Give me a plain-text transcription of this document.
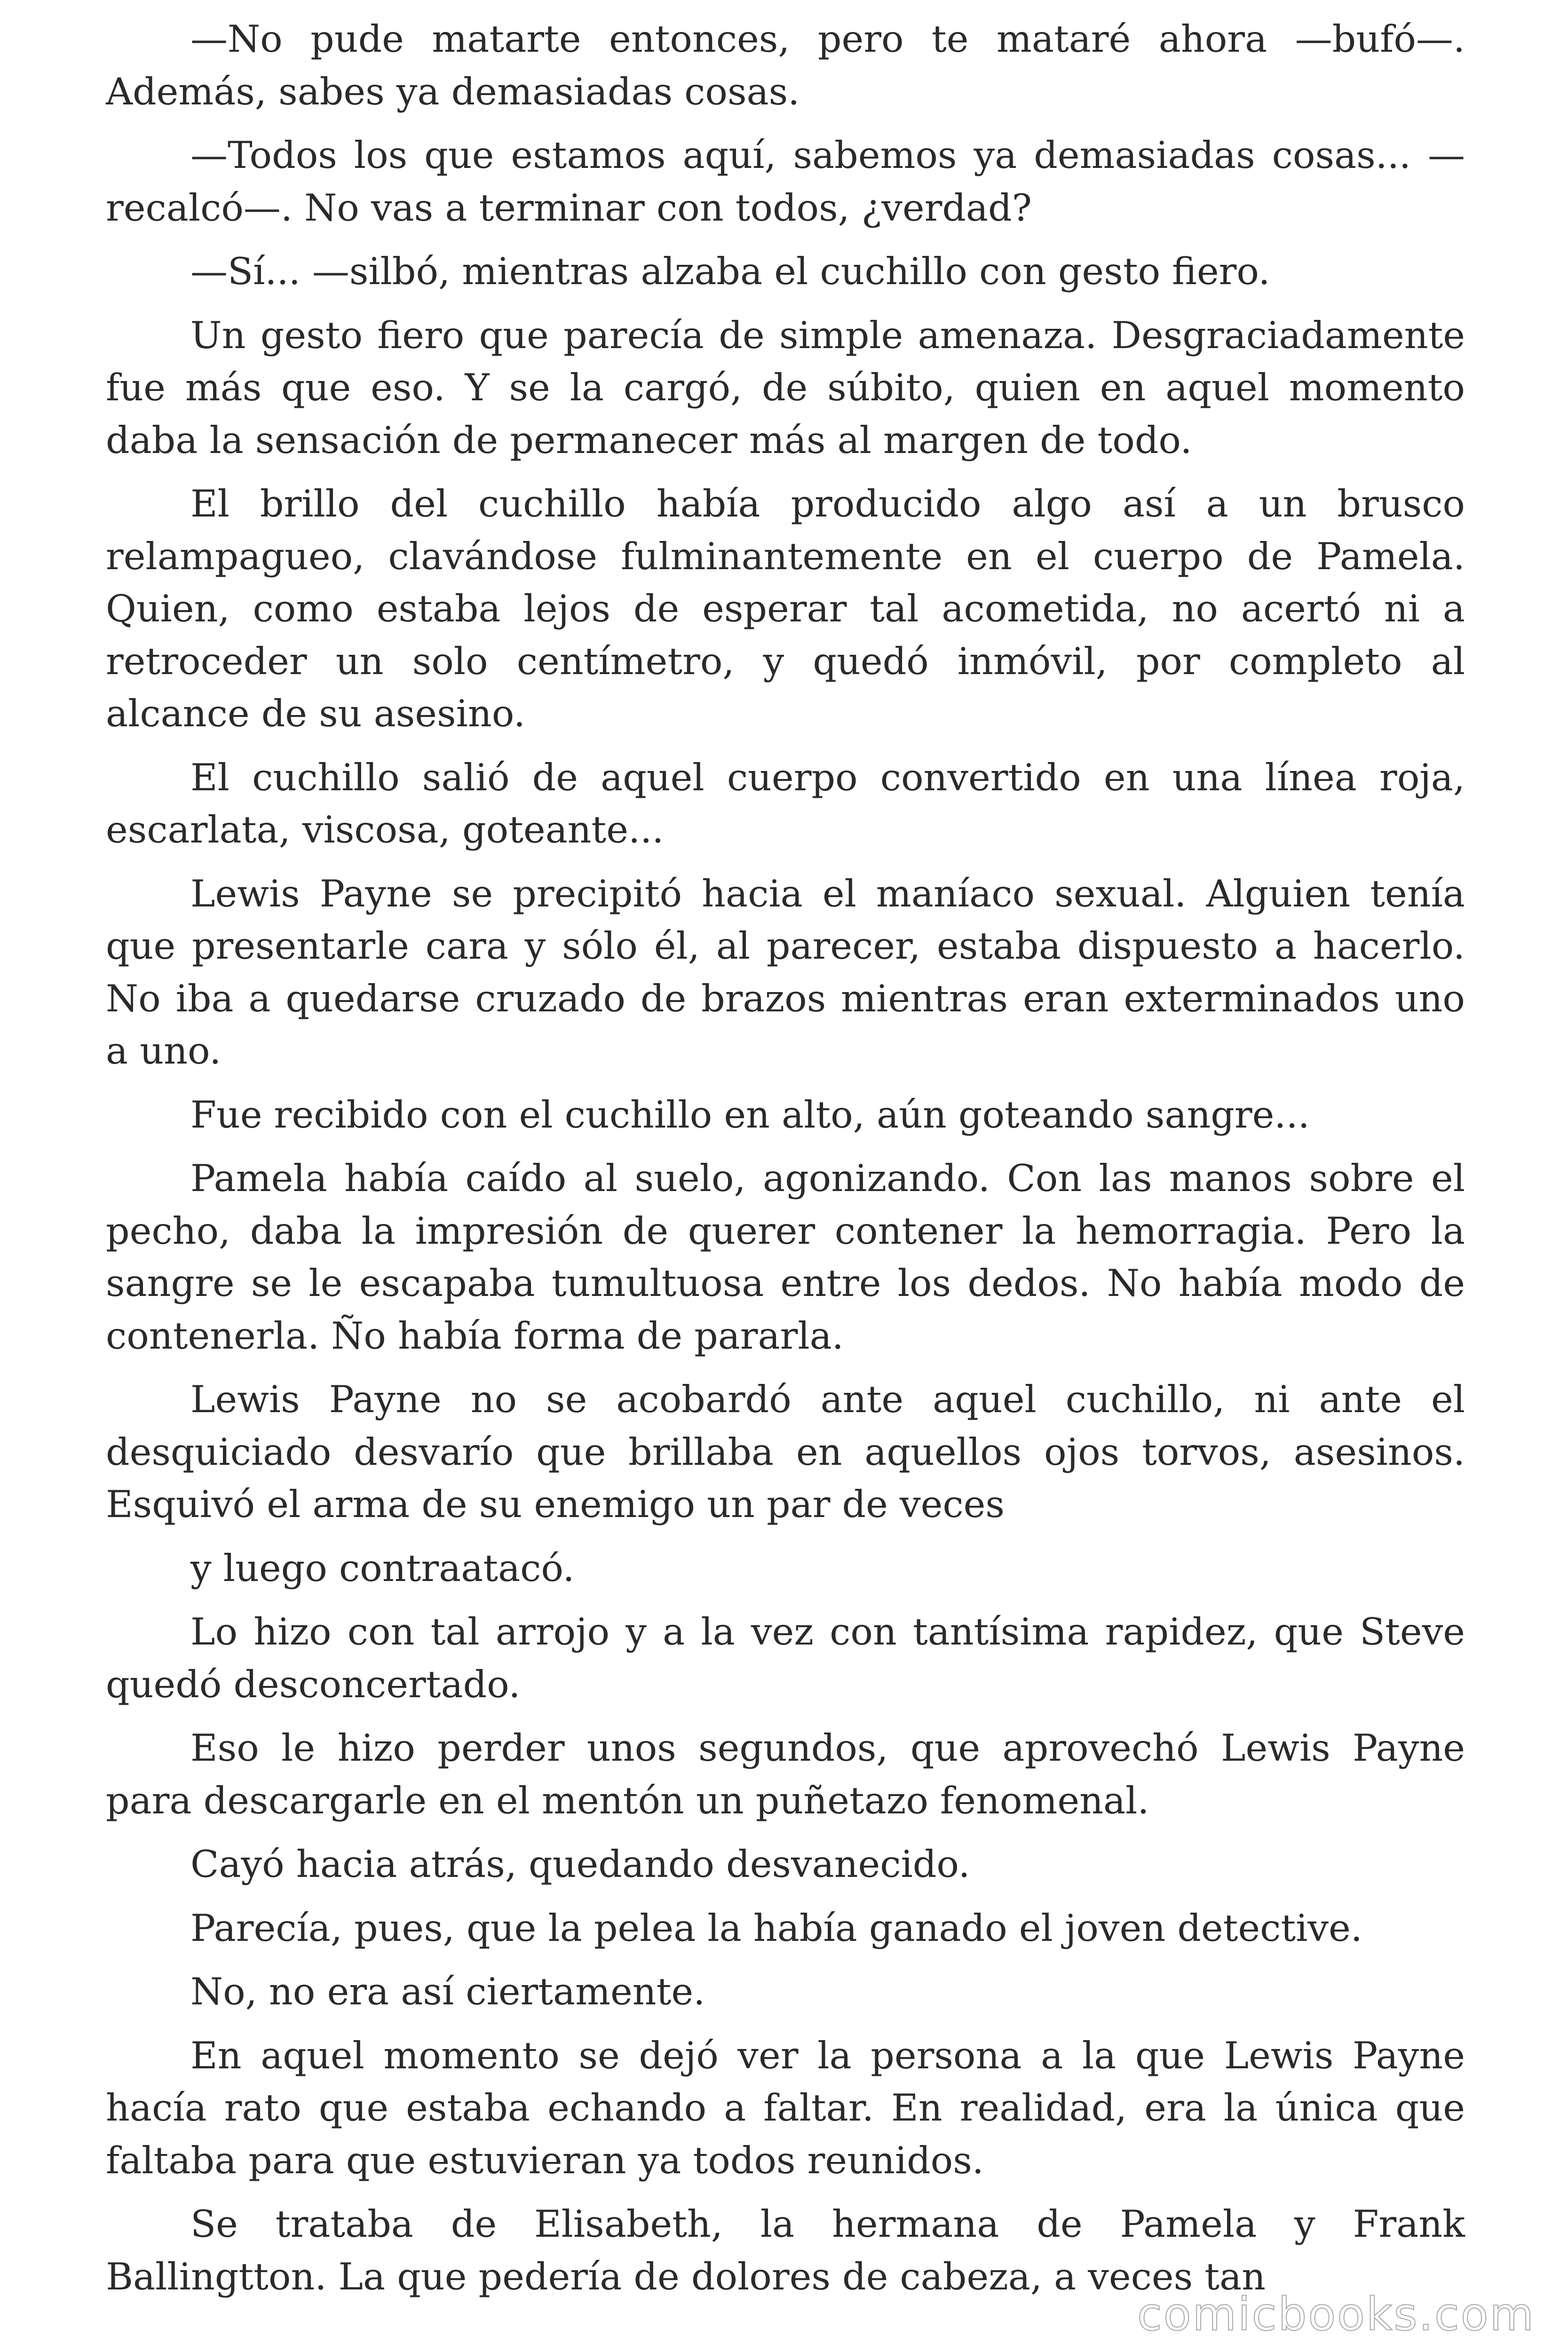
—No pude matarte entonces, pero te mataré ahora —bufó—. Además, sabes ya demasiadas cosas.

—Todos los que estamos aquí, sabemos ya demasiadas cosas... —recalcó—. No vas a terminar con todos, ¿verdad?

—Sí... —silbó, mientras alzaba el cuchillo con gesto fiero.

Un gesto fiero que parecía de simple amenaza. Desgraciadamente fue más que eso. Y se la cargó, de súbito, quien en aquel momento daba la sensación de permanecer más al margen de todo.

El brillo del cuchillo había producido algo así a un brusco relampagueo, clavándose fulminantemente en el cuerpo de Pamela. Quien, como estaba lejos de esperar tal acometida, no acertó ni a retroceder un solo centímetro, y quedó inmóvil, por completo al alcance de su asesino.

El cuchillo salió de aquel cuerpo convertido en una línea roja, escarlata, viscosa, goteante...

Lewis Payne se precipitó hacia el maníaco sexual. Alguien tenía que presentarle cara y sólo él, al parecer, estaba dispuesto a hacerlo. No iba a quedarse cruzado de brazos mientras eran exterminados uno a uno.

Fue recibido con el cuchillo en alto, aún goteando sangre...

Pamela había caído al suelo, agonizando. Con las manos sobre el pecho, daba la impresión de querer contener la hemorragia. Pero la sangre se le escapaba tumultuosa entre los dedos. No había modo de contenerla. Ño había forma de pararla.

Lewis Payne no se acobardó ante aquel cuchillo, ni ante el desquiciado desvarío que brillaba en aquellos ojos torvos, asesinos. Esquivó el arma de su enemigo un par de veces

y luego contraatacó.

Lo hizo con tal arrojo y a la vez con tantísima rapidez, que Steve quedó desconcertado.

Eso le hizo perder unos segundos, que aprovechó Lewis Payne para descargarle en el mentón un puñetazo fenomenal.

Cayó hacia atrás, quedando desvanecido.

Parecía, pues, que la pelea la había ganado el joven detective.

No, no era así ciertamente.

En aquel momento se dejó ver la persona a la que Lewis Payne hacía rato que estaba echando a faltar. En realidad, era la única que faltaba para que estuvieran ya todos reunidos.

Se trataba de Elisabeth, la hermana de Pamela y Frank Ballingtton. La que pedería de dolores de cabeza, a veces tan

comicbooks.com
